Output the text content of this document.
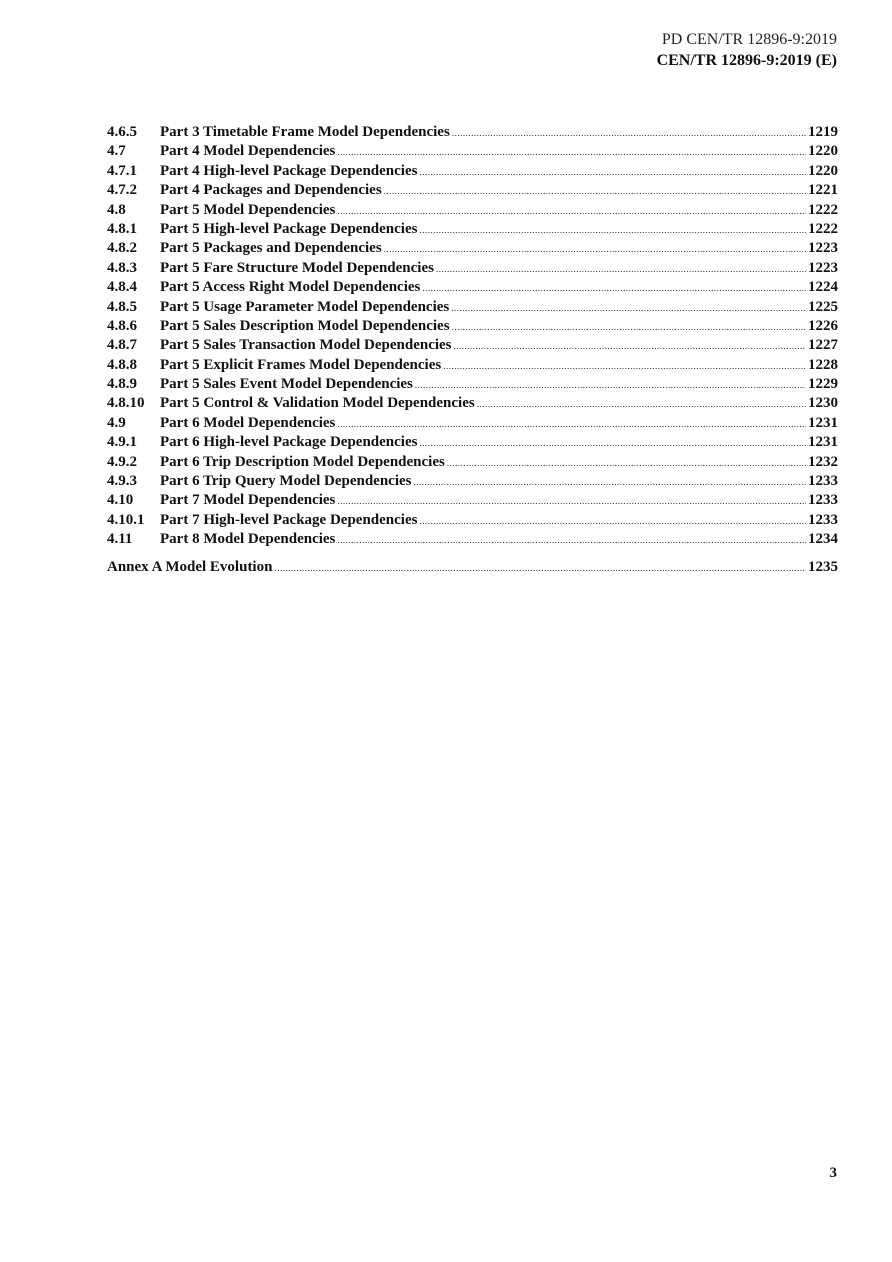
PD CEN/TR 12896-9:2019
CEN/TR 12896-9:2019 (E)
4.6.5	Part 3 Timetable Frame Model Dependencies .....	1219
4.7	Part 4 Model Dependencies .....	1220
4.7.1	Part 4 High-level Package Dependencies .....	1220
4.7.2	Part 4 Packages and Dependencies .....	1221
4.8	Part 5 Model Dependencies .....	1222
4.8.1	Part 5 High-level Package Dependencies .....	1222
4.8.2	Part 5 Packages and Dependencies .....	1223
4.8.3	Part 5 Fare Structure Model Dependencies .....	1223
4.8.4	Part 5 Access Right Model Dependencies .....	1224
4.8.5	Part 5 Usage Parameter Model Dependencies .....	1225
4.8.6	Part 5 Sales Description Model Dependencies .....	1226
4.8.7	Part 5 Sales Transaction Model Dependencies .....	1227
4.8.8	Part 5 Explicit Frames Model Dependencies .....	1228
4.8.9	Part 5 Sales Event Model Dependencies .....	1229
4.8.10	Part 5 Control & Validation Model Dependencies .....	1230
4.9	Part 6 Model Dependencies .....	1231
4.9.1	Part 6 High-level Package Dependencies .....	1231
4.9.2	Part 6 Trip Description Model Dependencies .....	1232
4.9.3	Part 6 Trip Query Model Dependencies .....	1233
4.10	Part 7 Model Dependencies .....	1233
4.10.1	Part 7 High-level Package Dependencies .....	1233
4.11	Part 8 Model Dependencies .....	1234
Annex A Model Evolution .....	1235
3
